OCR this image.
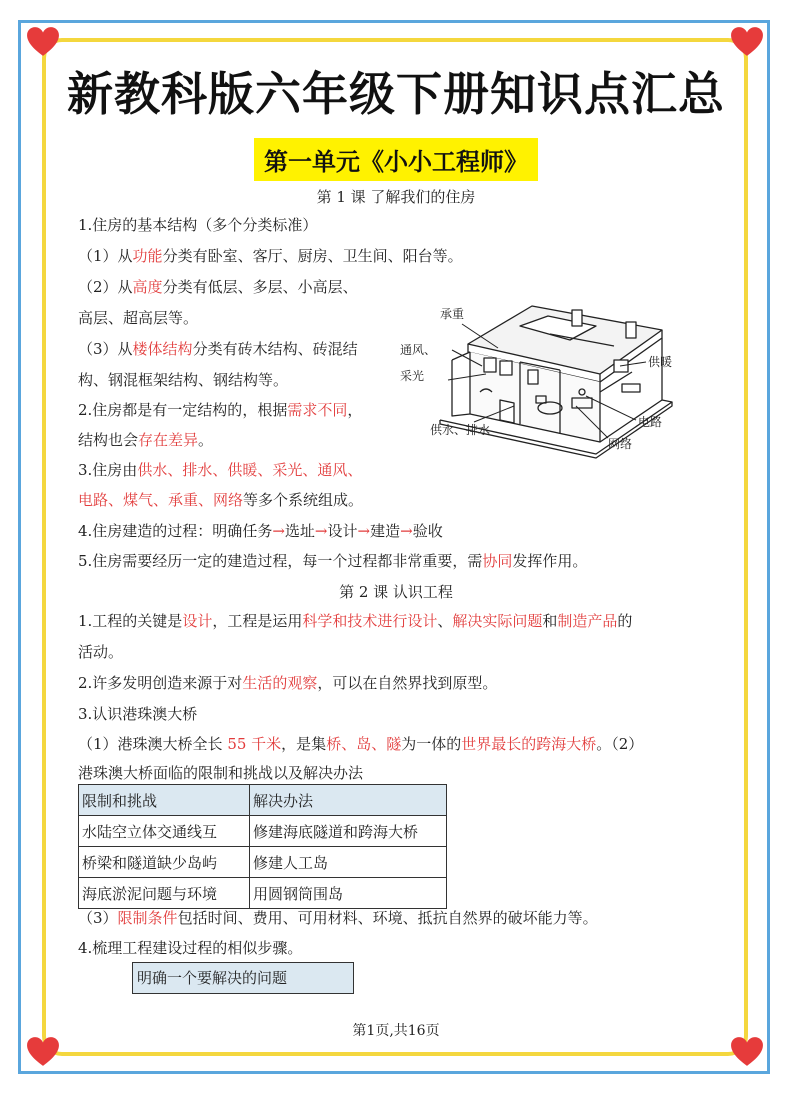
新教科版六年级下册知识点汇总
第一单元《小小工程师》
第 1 课 了解我们的住房
1.住房的基本结构（多个分类标准）
（1）从功能分类有卧室、客厅、厨房、卫生间、阳台等。
（2）从高度分类有低层、多层、小高层、
高层、超高层等。
（3）从楼体结构分类有砖木结构、砖混结
构、钢混框架结构、钢结构等。
2.住房都是有一定结构的，根据需求不同，
结构也会存在差异。
3.住房由供水、排水、供暖、采光、通风、
电路、煤气、承重、网络等多个系统组成。
4.住房建造的过程：明确任务→选址→设计→建造→验收
5.住房需要经历一定的建造过程，每一个过程都非常重要，需协同发挥作用。
承重
通风、
采光
供暖
电路
供水、排水
网络
第 2 课 认识工程
1.工程的关键是设计，工程是运用科学和技术进行设计、解决实际问题和制造产品的
活动。
2.许多发明创造来源于对生活的观察，可以在自然界找到原型。
3.认识港珠澳大桥
（1）港珠澳大桥全长 55 千米，是集桥、岛、隧为一体的世界最长的跨海大桥。（2）
港珠澳大桥面临的限制和挑战以及解决办法
限制和挑战	解决办法
水陆空立体交通线互	修建海底隧道和跨海大桥
桥梁和隧道缺少岛屿	修建人工岛
海底淤泥问题与环境	用圆钢筒围岛
（3）限制条件包括时间、费用、可用材料、环境、抵抗自然界的破坏能力等。
4.梳理工程建设过程的相似步骤。
明确一个要解决的问题
第1页,共16页
